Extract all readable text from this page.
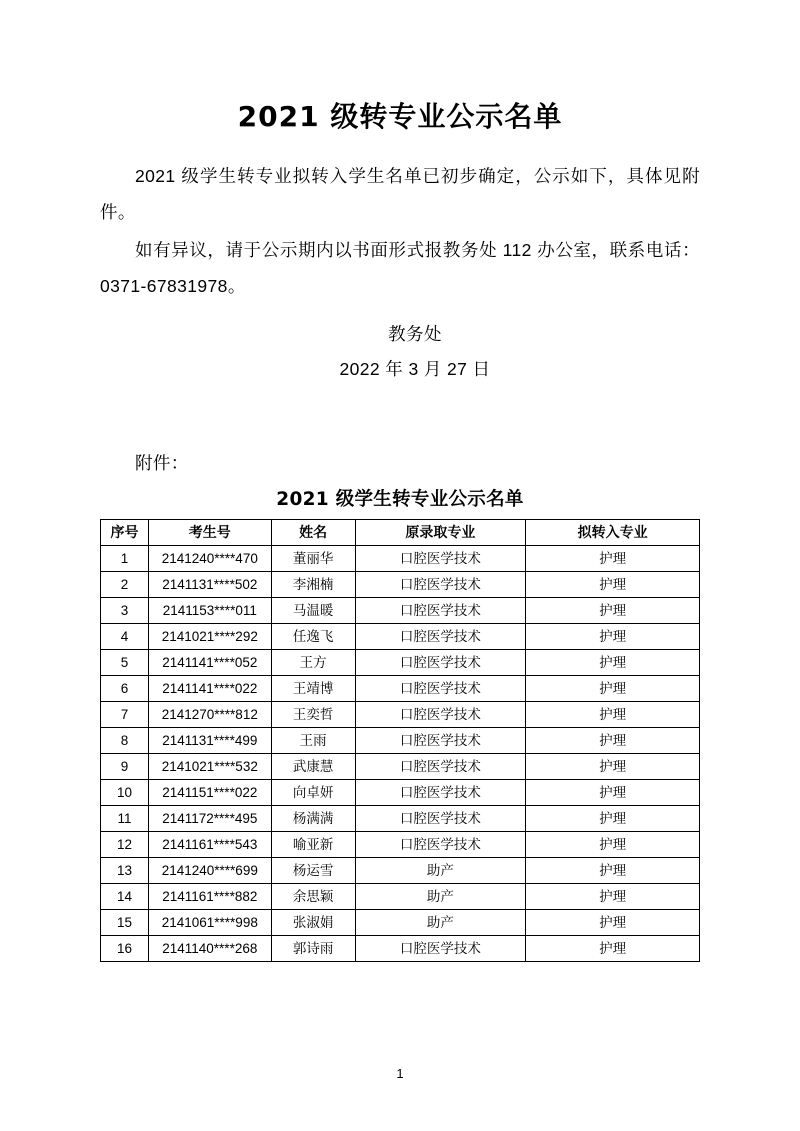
2021 级转专业公示名单

2021 级学生转专业拟转入学生名单已初步确定，公示如下，具体见附件。

如有异议，请于公示期内以书面形式报教务处 112 办公室，联系电话：0371-67831978。

教务处

2022 年 3 月 27 日

附件：

2021 级学生转专业公示名单

序号	考生号	姓名	原录取专业	拟转入专业
1	2141240****470	董丽华	口腔医学技术	护理
2	2141131****502	李湘楠	口腔医学技术	护理
3	2141153****011	马温暖	口腔医学技术	护理
4	2141021****292	任逸飞	口腔医学技术	护理
5	2141141****052	王方	口腔医学技术	护理
6	2141141****022	王靖博	口腔医学技术	护理
7	2141270****812	王奕哲	口腔医学技术	护理
8	2141131****499	王雨	口腔医学技术	护理
9	2141021****532	武康慧	口腔医学技术	护理
10	2141151****022	向卓妍	口腔医学技术	护理
11	2141172****495	杨满满	口腔医学技术	护理
12	2141161****543	喻亚新	口腔医学技术	护理
13	2141240****699	杨运雪	助产	护理
14	2141161****882	余思颖	助产	护理
15	2141061****998	张淑娟	助产	护理
16	2141140****268	郭诗雨	口腔医学技术	护理
1
